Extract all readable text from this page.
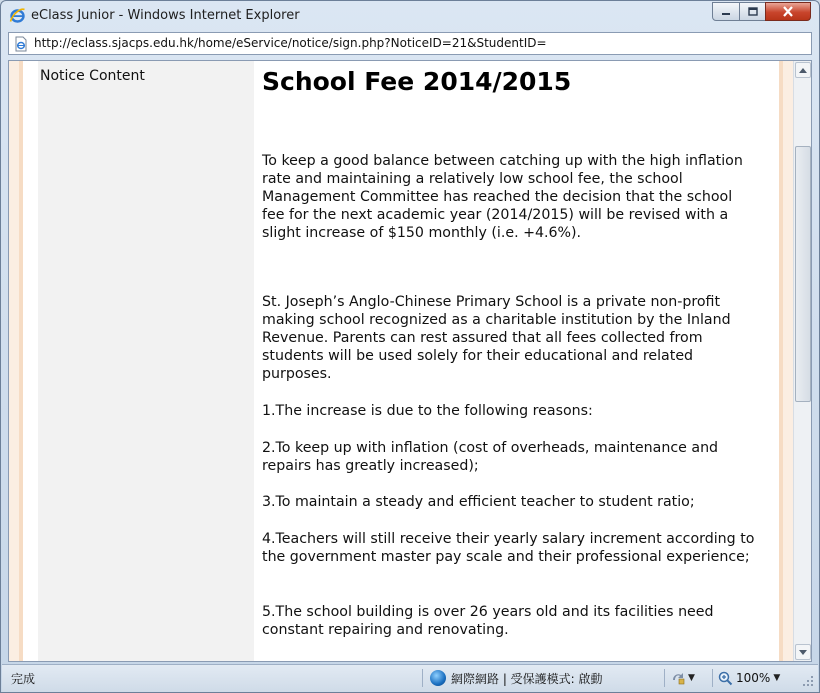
eClass Junior - Windows Internet Explorer
http://eclass.sjacps.edu.hk/home/eService/notice/sign.php?NoticeID=21&StudentID=
Notice Content	School Fee 2014/2015

To keep a good balance between catching up with the high inflation rate and maintaining a relatively low school fee, the school Management Committee has reached the decision that the school fee for the next academic year (2014/2015) will be revised with a slight increase of $150 monthly (i.e. +4.6%).

St. Joseph’s Anglo-Chinese Primary School is a private non-profit making school recognized as a charitable institution by the Inland Revenue. Parents can rest assured that all fees collected from students will be used solely for their educational and related purposes.

1.The increase is due to the following reasons:

2.To keep up with inflation (cost of overheads, maintenance and repairs has greatly increased);

3.To maintain a steady and efficient teacher to student ratio;

4.Teachers will still receive their yearly salary increment according to the government master pay scale and their professional experience;

5.The school building is over 26 years old and its facilities need constant repairing and renovating.

完成	網際網路 | 受保護模式: 啟動	▼	100% ▼
